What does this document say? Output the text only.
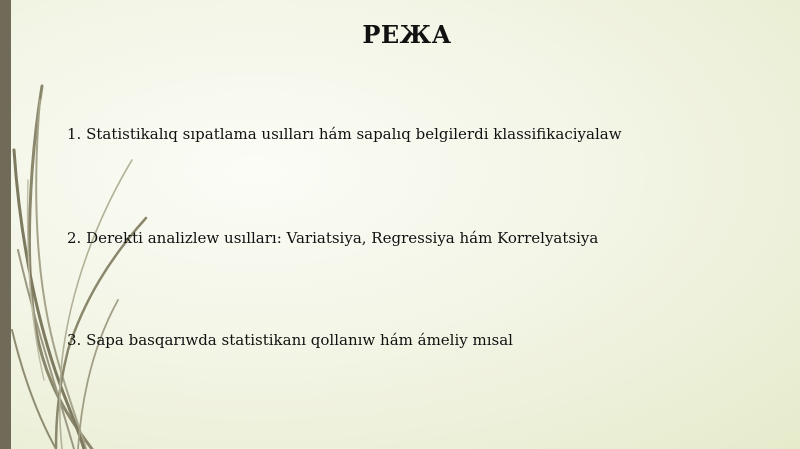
РЕЖА
1. Statistikalıq sıpatlama usılları hám sapalıq belgilerdi klassifikaciyalaw
2. Derekti analizlew usılları: Variatsiya, Regressiya hám Korrelyatsiya
3. Sapa basqarıwda statistikanı qollanıw hám ámeliy mısal
